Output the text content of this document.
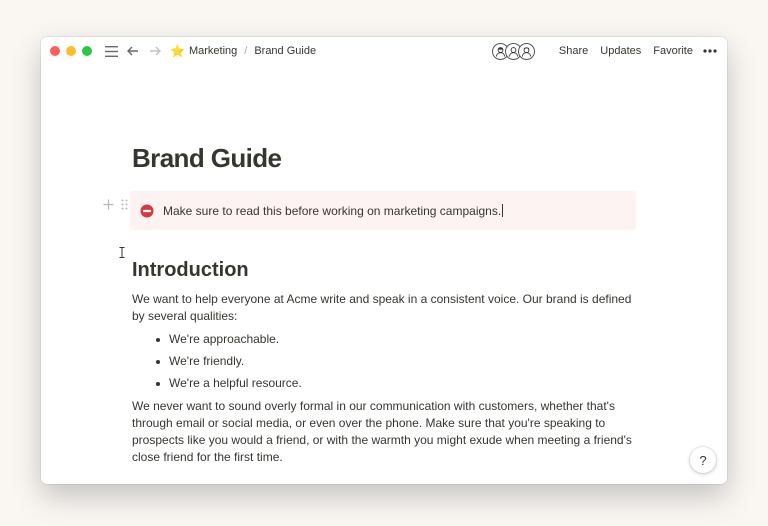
⭐ Marketing / Brand Guide	Share Updates Favorite
Brand Guide
Make sure to read this before working on marketing campaigns.
Introduction

We want to help everyone at Acme write and speak in a consistent voice. Our brand is defined by several qualities:

We're approachable.
We're friendly.
We're a helpful resource.

We never want to sound overly formal in our communication with customers, whether that's through email or social media, or even over the phone. Make sure that you're speaking to prospects like you would a friend, or with the warmth you might exude when meeting a friend's close friend for the first time.	?
